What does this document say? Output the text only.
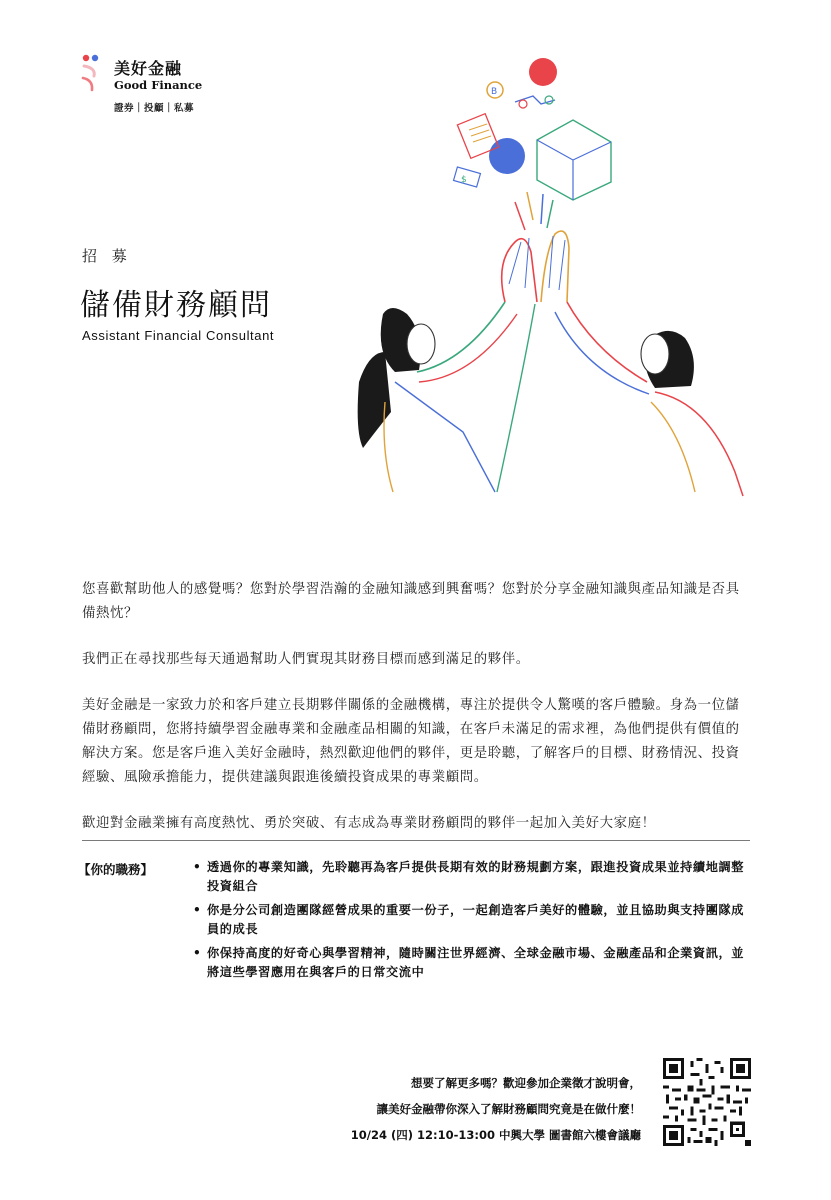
美好金融
Good Finance
證券｜投顧｜私募
招 募
儲備財務顧問
Assistant Financial Consultant
B
$

您喜歡幫助他人的感覺嗎？您對於學習浩瀚的金融知識感到興奮嗎？您對於分享金融知識與產品知識是否具備熱忱？

我們正在尋找那些每天通過幫助人們實現其財務目標而感到滿足的夥伴。

美好金融是一家致力於和客戶建立長期夥伴關係的金融機構，專注於提供令人驚嘆的客戶體驗。身為一位儲備財務顧問，您將持續學習金融專業和金融產品相關的知識，在客戶未滿足的需求裡，為他們提供有價值的解決方案。您是客戶進入美好金融時，熱烈歡迎他們的夥伴，更是聆聽，了解客戶的目標、財務情況、投資經驗、風險承擔能力，提供建議與跟進後續投資成果的專業顧問。

歡迎對金融業擁有高度熱忱、勇於突破、有志成為專業財務顧問的夥伴一起加入美好大家庭！

【你的職務】	• 透過你的專業知識，先聆聽再為客戶提供長期有效的財務規劃方案，跟進投資成果並持續地調整投資組合
• 你是分公司創造團隊經營成果的重要一份子，一起創造客戶美好的體驗，並且協助與支持團隊成員的成長
• 你保持高度的好奇心與學習精神，隨時關注世界經濟、全球金融市場、金融產品和企業資訊，並將這些學習應用在與客戶的日常交流中
想要了解更多嗎？歡迎參加企業徵才說明會，
讓美好金融帶你深入了解財務顧問究竟是在做什麼！
10/24 (四) 12:10-13:00 中興大學 圖書館六樓會議廳
